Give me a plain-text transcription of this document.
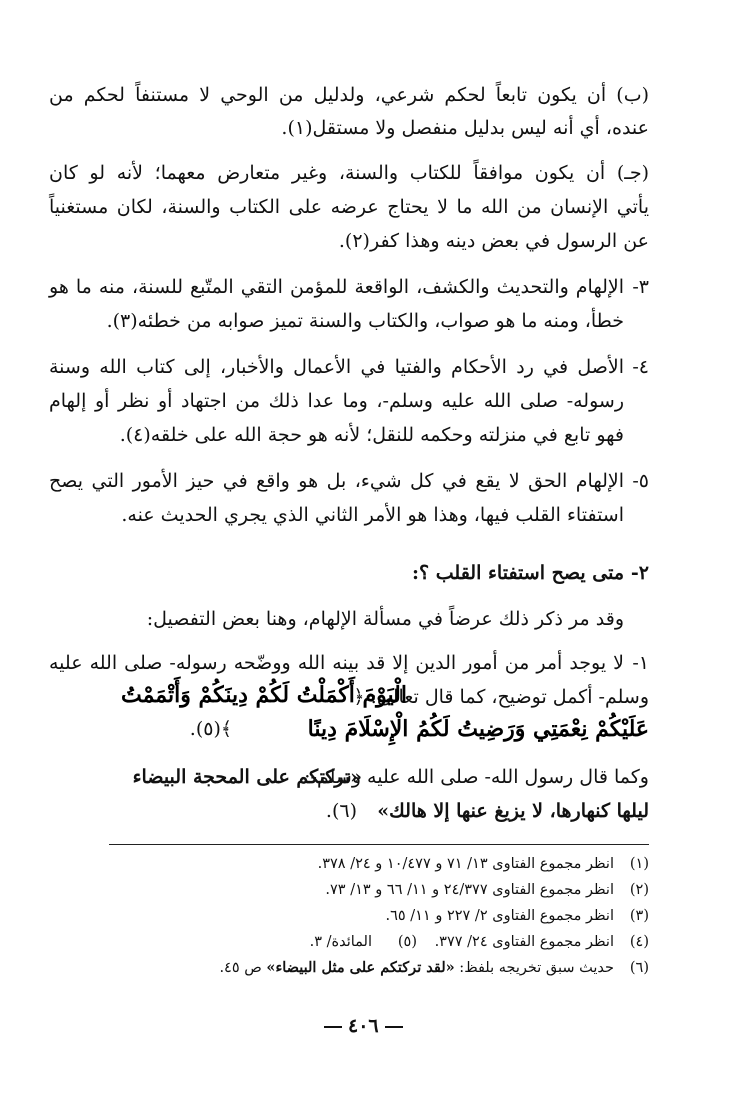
(ب) أن يكون تابعاً لحكم شرعي، ولدليل من الوحي لا مستنفاً لحكم من
عنده، أي أنه ليس بدليل منفصل ولا مستقل(١).
(جـ) أن يكون موافقاً للكتاب والسنة، وغير متعارض معهما؛ لأنه لو كان
يأتي الإنسان من الله ما لا يحتاج عرضه على الكتاب والسنة، لكان مستغنياً
عن الرسول في بعض دينه وهذا كفر(٢).
٣-
الإلهام والتحديث والكشف، الواقعة للمؤمن التقي المتّبع للسنة، منه ما هو
خطأ، ومنه ما هو صواب، والكتاب والسنة تميز صوابه من خطئه(٣).
٤-
الأصل في رد الأحكام والفتيا في الأعمال والأخبار، إلى كتاب الله وسنة
رسوله- صلى الله عليه وسلم-، وما عدا ذلك من اجتهاد أو نظر أو إلهام
فهو تابع في منزلته وحكمه للنقل؛ لأنه هو حجة الله على خلقه(٤).
٥-
الإلهام الحق لا يقع في كل شيء، بل هو واقع في حيز الأمور التي يصح
استفتاء القلب فيها، وهذا هو الأمر الثاني الذي يجري الحديث عنه.
٢-
متى يصح استفتاء القلب ؟:
وقد مر ذكر ذلك عرضاً في مسألة الإلهام، وهنا بعض التفصيل:
١-
لا يوجد أمر من أمور الدين إلا قد بينه الله ووضّحه رسوله- صلى الله عليه
وسلم- أكمل توضيح، كما قال تعالى: ﴿
الْيَوْمَ أَكْمَلْتُ لَكُمْ دِينَكُمْ وَأَتْمَمْتُ
عَلَيْكُمْ نِعْمَتِي وَرَضِيتُ لَكُمُ الْإِسْلَامَ دِينًا
﴾(٥).
وكما قال رسول الله- صلى الله عليه وسلم-:
«تركتكم على المحجة البيضاء
ليلها كنهارها، لا يزيغ عنها إلا هالك»
(٦).
(١)
انظر مجموع الفتاوى ١٣/ ٧١ و ١٠/٤٧٧ و ٢٤/ ٣٧٨.
(٢)
انظر مجموع الفتاوى ٢٤/٣٧٧ و ١١/ ٦٦ و ١٣/ ٧٣.
(٣)
انظر مجموع الفتاوى ٢/ ٢٢٧ و ١١/ ٦٥.
(٤)
انظر مجموع الفتاوى ٢٤/ ٣٧٧.
(٥)
المائدة/ ٣.
(٦)
حديث سبق تخريجه بلفظ: «لقد تركتكم على مثل البيضاء» ص ٤٥.
٤٠٦
